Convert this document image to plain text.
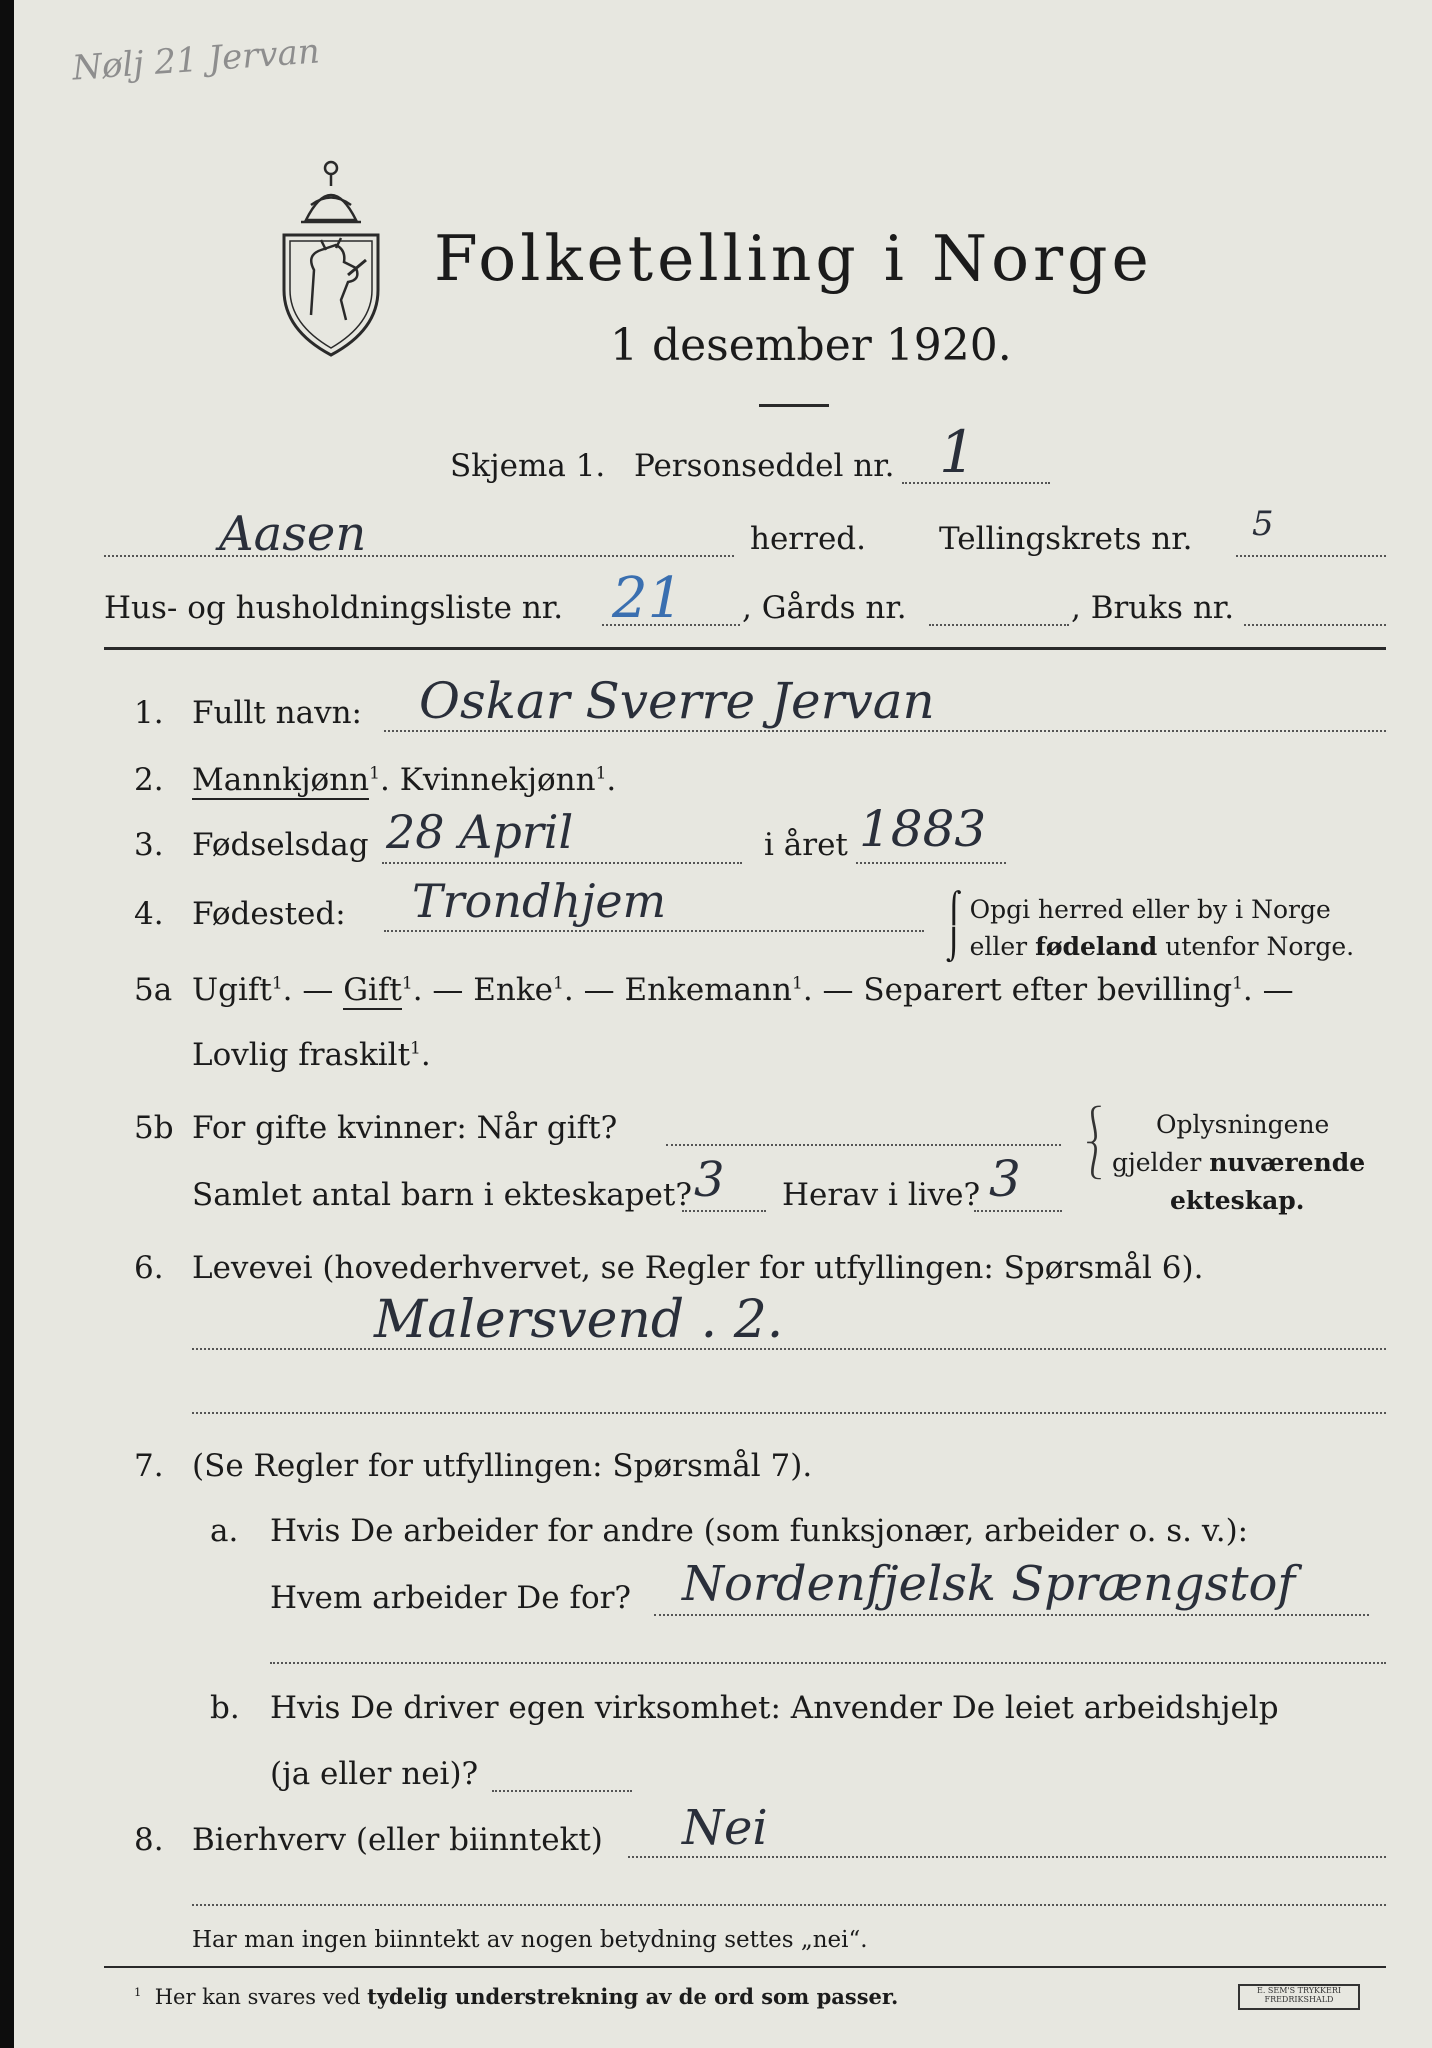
Nølj 21 Jervan
Folketelling i Norge
1 desember 1920.
Skjema 1. Personseddel nr. 1
Aasen	herred. Tellingskrets nr. 5
Hus- og husholdningsliste nr. 21 , Gårds nr.	, Bruks nr.
1. Fullt navn: Oskar Sverre Jervan
2. Mannkjønn$^1$. Kvinnekjønn$^1$.
3. Fødselsdag 28 April	i året 1883
4. Fødested: Trondhjem	⌠ Opgi herred eller by i Norge
⌡ eller fødeland utenfor Norge.
5a Ugift$^1$. — Gift$^1$. — Enke$^1$. — Enkemann$^1$. — Separert efter bevilling$^1$. —
Lovlig fraskilt$^1$.
5b For gifte kvinner: Når gift?
Samlet antal barn i ekteskapet? 3 Herav i live? 3
⎰
⎱
Oplysningene
gjelder nuværende
ekteskap.
6. Levevei (hovederhvervet, se Regler for utfyllingen: Spørsmål 6).
Malersvend . 2.
7. (Se Regler for utfyllingen: Spørsmål 7).
a. Hvis De arbeider for andre (som funksjonær, arbeider o. s. v.):
Hvem arbeider De for? Nordenfjelsk Sprængstof
b. Hvis De driver egen virksomhet: Anvender De leiet arbeidshjelp
(ja eller nei)?
8. Bierhverv (eller biinntekt) Nei
Har man ingen biinntekt av nogen betydning settes „nei“.
$^1$ Her kan svares ved tydelig understrekning av de ord som passer.	E. SEM'S TRYKKERI FREDRIKSHALD
